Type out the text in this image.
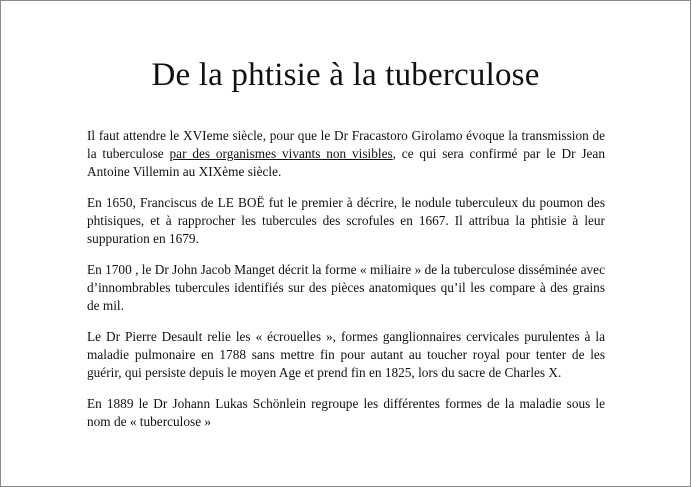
De la phtisie à la tuberculose

Il faut attendre le XVIeme siècle, pour que le Dr Fracastoro Girolamo évoque la transmission de la tuberculose par des organismes vivants non visibles, ce qui sera confirmé par le Dr Jean Antoine Villemin au XIXème siècle.

En 1650, Franciscus de LE BOË fut le premier à décrire, le nodule tuberculeux du poumon des phtisiques, et à rapprocher les tubercules des scrofules en 1667. Il attribua la phtisie à leur suppuration en 1679.

En 1700 , le Dr John Jacob Manget décrit la forme « miliaire » de la tuberculose disséminée avec d’innombrables tubercules identifiés sur des pièces anatomiques qu’il les compare à des grains de mil.

Le Dr Pierre Desault relie les « écrouelles », formes ganglionnaires cervicales purulentes à la maladie pulmonaire en 1788 sans mettre fin pour autant au toucher royal pour tenter de les guérir, qui persiste depuis le moyen Age et prend fin en 1825, lors du sacre de Charles X.

En 1889 le Dr Johann Lukas Schönlein regroupe les différentes formes de la maladie sous le nom de « tuberculose »
